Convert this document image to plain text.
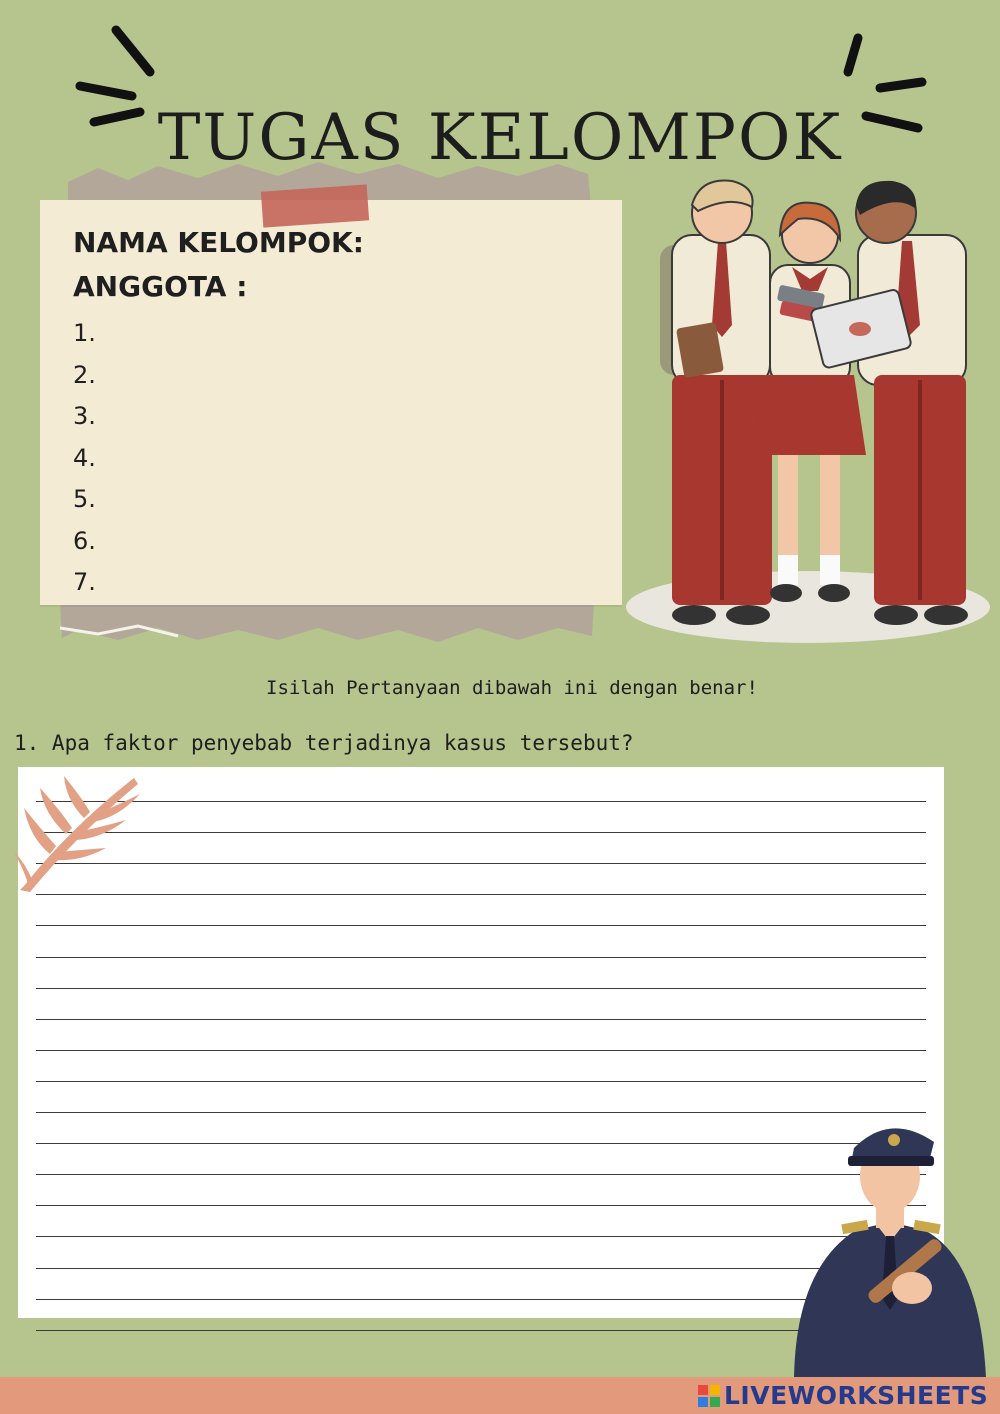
TUGAS KELOMPOK
NAMA KELOMPOK:
ANGGOTA :
1.
2.
3.
4.
5.
6.
7.
Isilah Pertanyaan dibawah ini dengan benar!
1. Apa faktor penyebab terjadinya kasus tersebut?
LIVEWORKSHEETS
